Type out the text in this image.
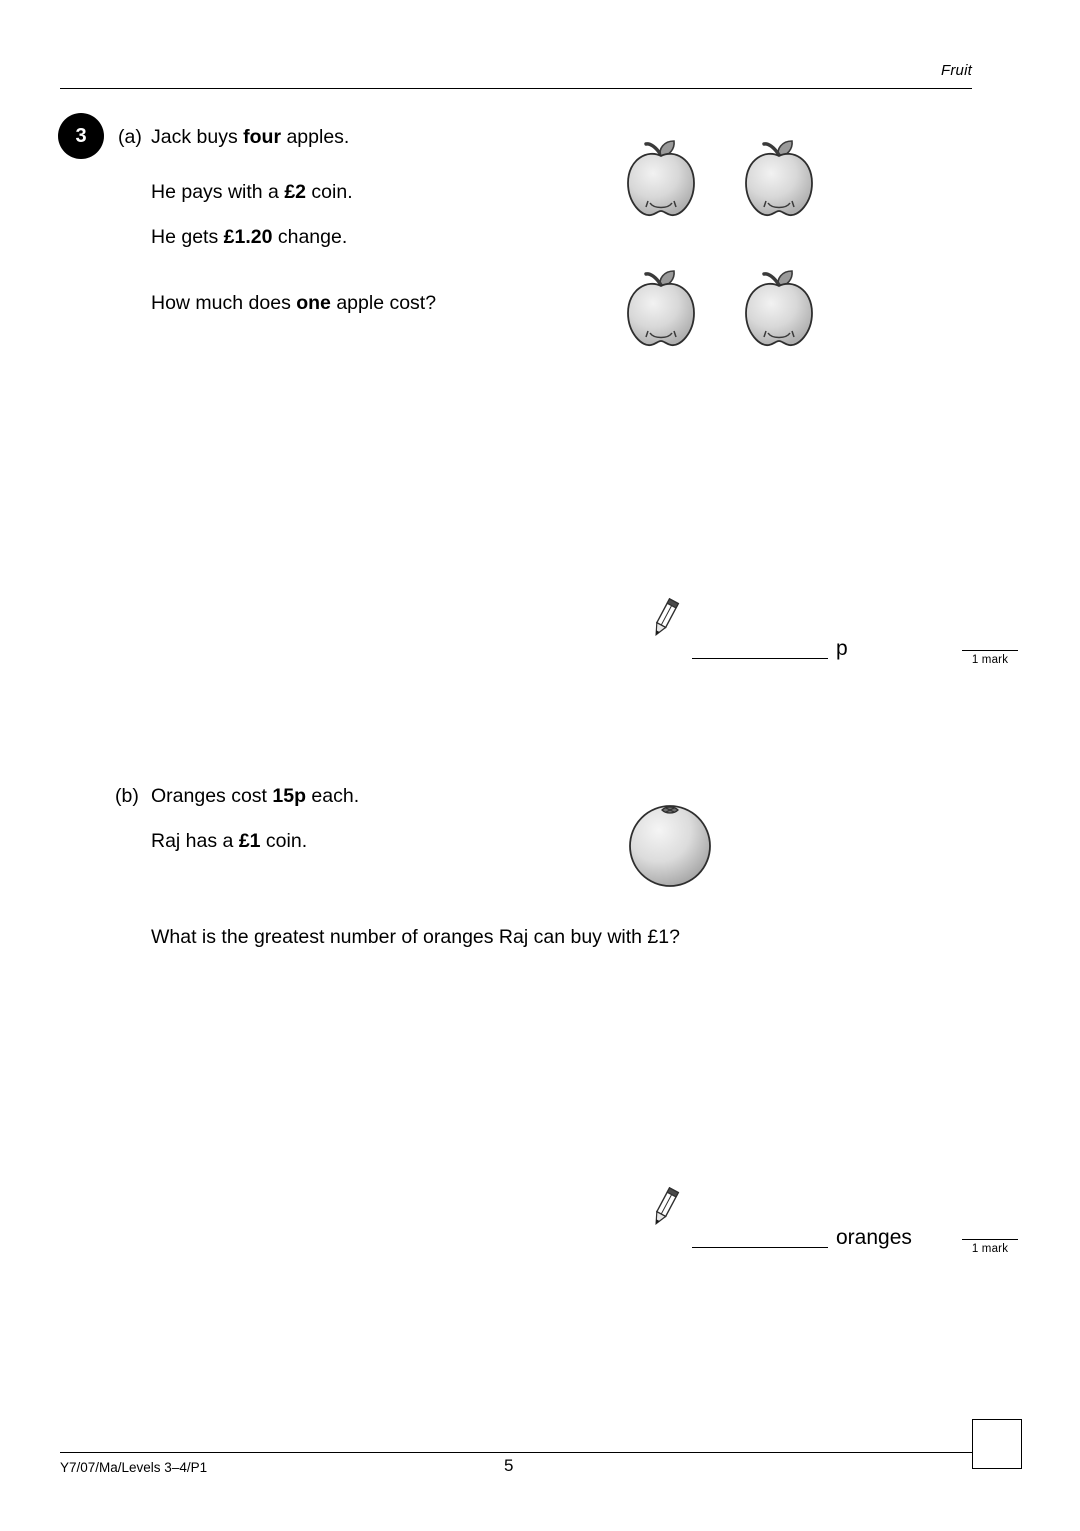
Fruit
3	(a) Jack buys four apples.
He pays with a £2 coin.
He gets £1.20 change.
How much does one apple cost?
p	1 mark
(b) Oranges cost 15p each.
Raj has a £1 coin.
What is the greatest number of oranges Raj can buy with £1?
oranges	1 mark
Y7/07/Ma/Levels 3–4/P1	5
